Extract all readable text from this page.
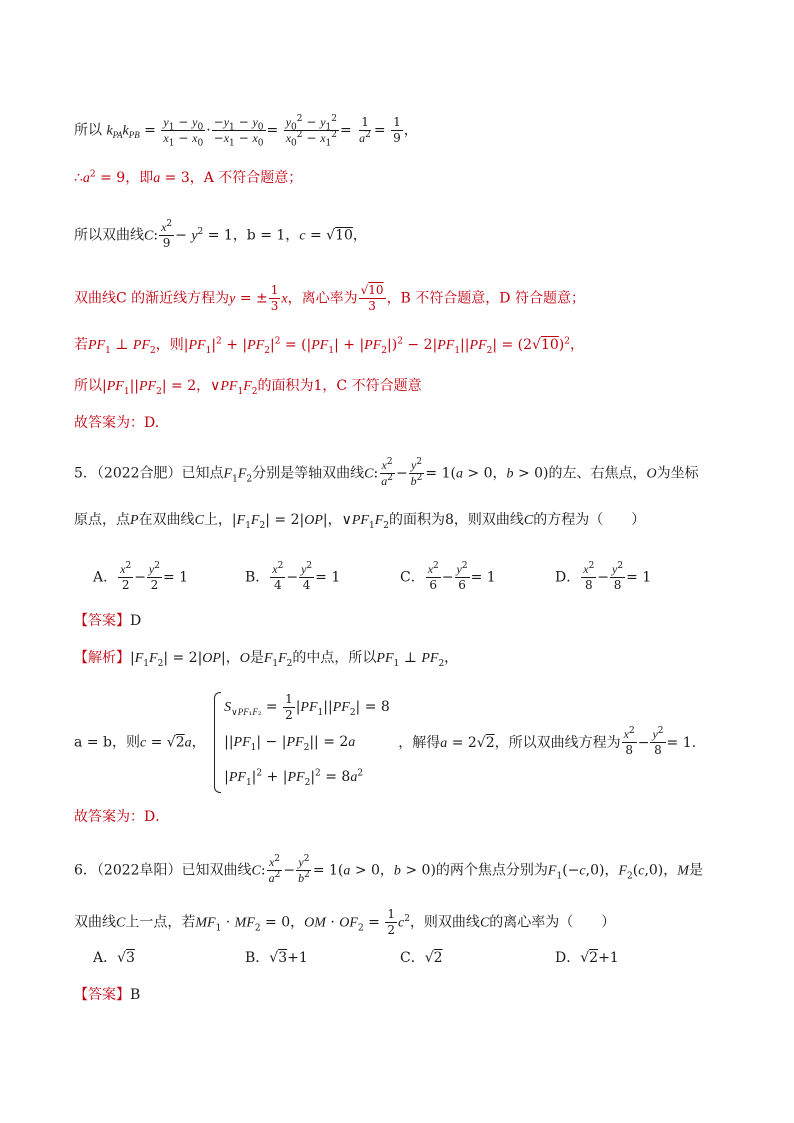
所以 $k_{PA}k_{PB} = \frac{y_1 - y_0}{x_1 - x_0} \cdot \frac{-y_1 - y_0}{-x_1 - x_0} = \frac{y_0^2 - y_1^2}{x_0^2 - x_1^2} = \frac{1}{a^2} = \frac{1}{9}$ ，
$\therefore a^2 = 9$，即a = 3，A 不符合题意；
所以双曲线C: $\frac{x^2}{9} - y^2 = 1$，b = 1，c = √10，
双曲线C 的渐近线方程为y = ± $\frac{1}{3}$ x，离心率为 $\frac{√10}{3}$ ，B 不符合题意，D 符合题意；
若$PF_1$ ⊥ $PF_2$，则$|PF_1|^2 + |PF_2|^2 = (|PF_1| + |PF_2|)^2 - 2|PF_1||PF_2| = (2√10)^2$，
所以$|PF_1||PF_2| = 2$，$\vee PF_1F_2$的面积为1，C 不符合题意
故答案为：D.
5．（2022合肥）已知点$F_1F_2$分别是等轴双曲线C: $\frac{x^2}{a^2} - \frac{y^2}{b^2} = 1(a > 0$，b > 0)的左、右焦点，O为坐标
原点，点P在双曲线C上，$|F_1F_2| = 2|OP|$，$\vee PF_1F_2$的面积为8，则双曲线C的方程为（　　）
A． $\frac{x^2}{2} - \frac{y^2}{2} = 1$	B． $\frac{x^2}{4} - \frac{y^2}{4} = 1$	C． $\frac{x^2}{6} - \frac{y^2}{6} = 1$	D． $\frac{x^2}{8} - \frac{y^2}{8} = 1$
【答案】D
【解析】$|F_1F_2| = 2|OP|$，O是$F_1F_2$的中点，所以$PF_1$ ⊥ $PF_2$，
a = b，则c = √2a，
$S_{\vee PF_1F_2} = \frac{1}{2} |PF_1||PF_2| = 8$
$||PF_1| - |PF_2|| = 2a$
$|PF_1|^2 + |PF_2|^2 = 8a^2$
，解得a = 2√2，所以双曲线方程为 $\frac{x^2}{8} - \frac{y^2}{8} = 1$.
故答案为：D．
6．（2022阜阳）已知双曲线C: $\frac{x^2}{a^2} - \frac{y^2}{b^2} = 1(a > 0$，b > 0)的两个焦点分别为$F_1(-c,0)$，$F_2(c,0)$，M是
双曲线C上一点，若$MF_1 \cdot MF_2 = 0$，OM · $OF_2 = \frac{1}{2} c^2$，则双曲线C的离心率为（　　）
A．√3	B．√3+1	C．√2	D．√2+1
【答案】B
